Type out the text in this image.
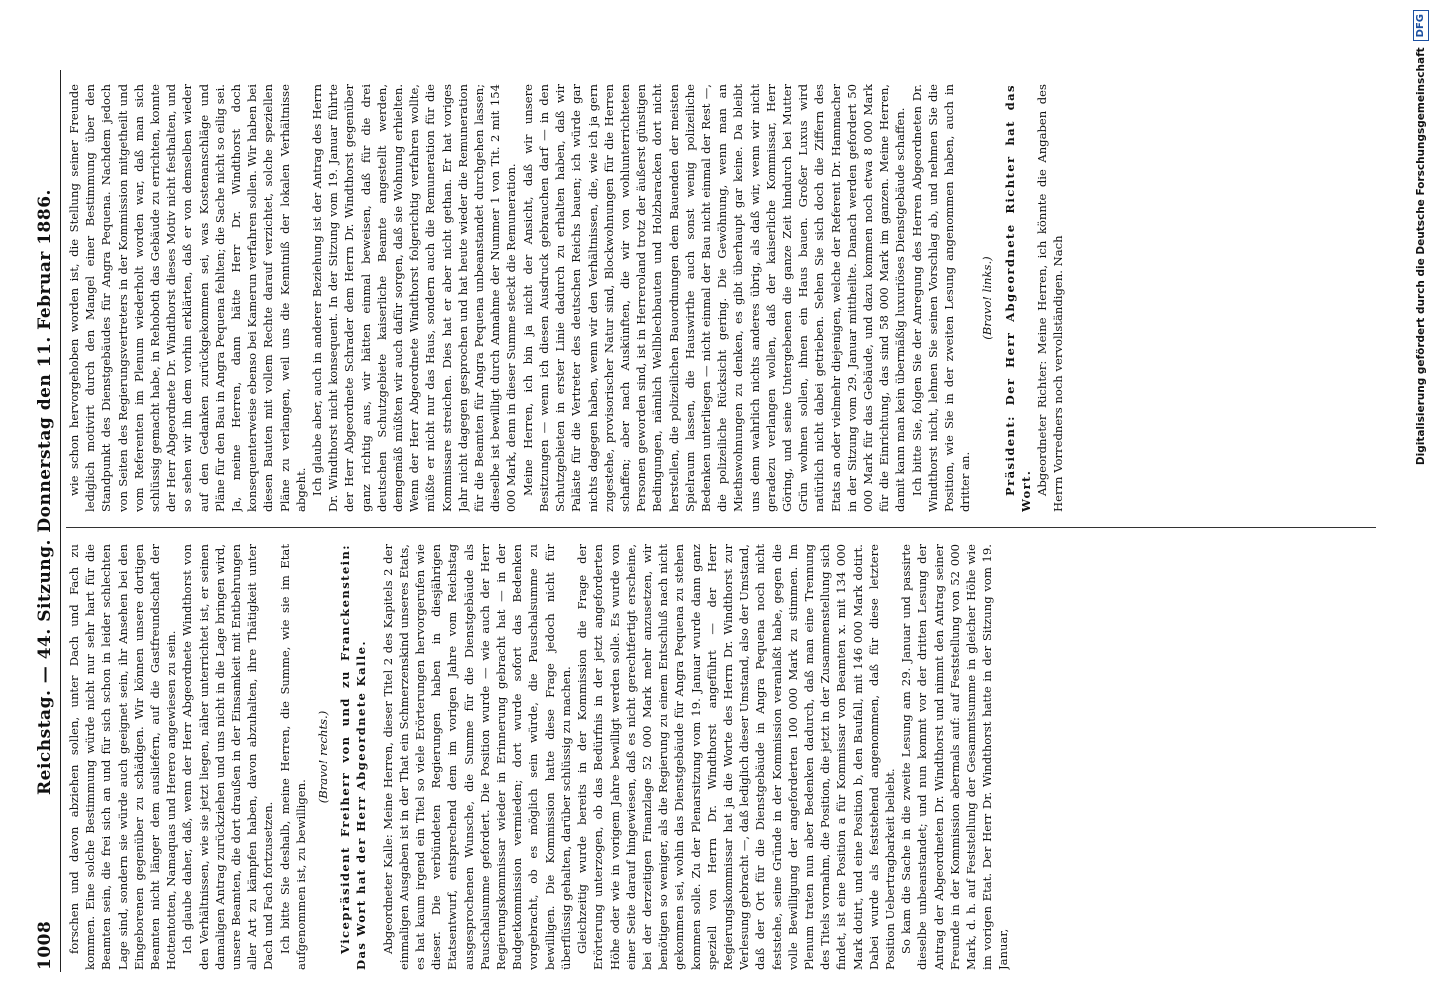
1008
Reichstag. — 44. Sitzung. Donnerstag den 11. Februar 1886. forschen und davon abziehen sollen, unter Dach und Fach zu kommen. Eine solche Bestimmung würde nicht nur sehr hart für die Beamten sein, die frei sich an und für sich schon in leider schlechten Lage sind, sondern sie würde auch geeignet sein, ihr Ansehen bei den Eingeborenen gegenüber zu schädigen. Wir können unsere dortigen Beamten nicht länger dem ausliefern, auf die Gastfreundschaft der Hottentotten, Namaquas und Herero angewiesen zu sein. Ich glaube daher, daß, wenn der Herr Abgeordnete Windthorst von den Verhältnissen, wie sie jetzt liegen, näher unterrichtet ist, er seinen damaligen Antrag zurückziehen und uns nicht in die Lage bringen wird, unsere Beamten, die dort draußen in der Einsamkeit mit Entbehrungen aller Art zu kämpfen haben, davon abzuhalten, ihre Thätigkeit unter Dach und Fach fortzusetzen. Ich bitte Sie deshalb, meine Herren, die Summe, wie sie im Etat aufgenommen ist, zu bewilligen.

(Bravo! rechts.) Vicepräsident Freiherr von und zu Franckenstein: Das Wort hat der Herr Abgeordnete Kalle. Abgeordneter Kalle: Meine Herren, dieser Titel 2 des Kapitels 2 der einmaligen Ausgaben ist in der That ein Schmerzenskind unseres Etats, es hat kaum irgend ein Titel so viele Erörterungen hervorgerufen wie dieser. Die verbündeten Regierungen haben in diesjährigen Etatsentwurf, entsprechend dem im vorigen Jahre vom Reichstag ausgesprochenen Wunsche, die Summe für die Dienstgebäude als Pauschalsumme gefordert. Die Position wurde — wie auch der Herr Regierungskommissar wieder in Erinnerung gebracht hat — in der Budgetkommission vermieden; dort wurde sofort das Bedenken vorgebracht, ob es möglich sein würde, die Pauschalsumme zu bewilligen. Die Kommission hatte diese Frage jedoch nicht für überflüssig gehalten, darüber schlüssig zu machen. Gleichzeitig wurde bereits in der Kommission die Frage der Erörterung unterzogen, ob das Bedürfnis in der jetzt angeforderten Höhe oder wie in vorigem Jahre bewilligt werden solle. Es wurde von einer Seite darauf hingewiesen, daß es nicht gerechtfertigt erscheine, bei der derzeitigen Finanzlage 52 000 Mark mehr anzusetzen, wir benötigen so weniger, als die Regierung zu einem Entschluß nach nicht gekommen sei, wohin das Dienstgebäude für Angra Pequena zu stehen kommen solle. Zu der Plenarsitzung vom 19. Januar wurde dann ganz speziell von Herrn Dr. Windthorst angeführt — der Herr Regierungskommissar hat ja die Worte des Herrn Dr. Windthorst zur Verlesung gebracht —, daß lediglich dieser Umstand, also der Umstand, daß der Ort für die Dienstgebäude in Angra Pequena noch nicht feststehe, seine Gründe in der Kommission veranlaßt habe, gegen die volle Bewilligung der angeforderten 100 000 Mark zu stimmen. Im Plenum traten nun aber Bedenken dadurch, daß man eine Trennung des Titels vornahm, die Position, die jetzt in der Zusammenstellung sich findet, ist eine Position a für Kommissar von Beamten x. mit 134 000 Mark dotirt, und eine Position b, den Baufall, mit 146 000 Mark dotirt. Dabei wurde als feststehend angenommen, daß für diese letztere Position Uebertragbarkeit beliebt. So kam die Sache in die zweite Lesung am 29. Januar und passirte dieselbe unbeanstandet; und nun kommt vor der dritten Lesung der Antrag der Abgeordneten Dr. Windthorst und nimmt den Antrag seiner Freunde in der Kommission abermals auf: auf Feststellung von 52 000 Mark, d. h. auf Feststellung der Gesammtsumme in gleicher Höhe wie im vorigen Etat. Der Herr Dr. Windthorst hatte in der Sitzung vom 19. Januar,

wie schon hervorgehoben worden ist, die Stellung seiner Freunde lediglich motivirt durch den Mangel einer Bestimmung über den Standpunkt des Dienstgebäudes für Angra Pequena. Nachdem jedoch von Seiten des Regierungsvertreters in der Kommission mitgetheilt und vom Referenten im Plenum wiederholt worden war, daß man sich schlüssig gemacht habe, in Rehoboth das Gebäude zu errichten, konnte der Herr Abgeordnete Dr. Windthorst dieses Motiv nicht festhalten, und so sehen wir ihn dem vorhin erklärten, daß er von demselben wieder auf den Gedanken zurückgekommen sei, was Kostenanschläge und Pläne für den Bau in Angra Pequena fehlten; die Sache nicht so eilig sei. Ja, meine Herren, dann hätte Herr Dr. Windthorst doch konsequenterweise ebenso bei Kamerun verfahren sollen. Wir haben bei diesen Bauten mit vollem Rechte darauf verzichtet, solche speziellen Pläne zu verlangen, weil uns die Kenntniß der lokalen Verhältnisse abgeht. Ich glaube aber, auch in anderer Beziehung ist der Antrag des Herrn Dr. Windthorst nicht konsequent. In der Sitzung vom 19. Januar führte der Herr Abgeordnete Schrader dem Herrn Dr. Windthorst gegenüber ganz richtig aus, wir hätten einmal beweisen, daß für die drei deutschen Schutzgebiete kaiserliche Beamte angestellt werden, demgemäß müßten wir auch dafür sorgen, daß sie Wohnung erhielten. Wenn der Herr Abgeordnete Windthorst folgerichtig verfahren wollte, müßte er nicht nur das Haus, sondern auch die Remuneration für die Kommissare streichen. Dies hat er aber nicht gethan. Er hat voriges Jahr nicht dagegen gesprochen und hat heute wieder die Remuneration für die Beamten für Angra Pequena unbeanstandet durchgehen lassen; dieselbe ist bewilligt durch Annahme der Nummer 1 von Tit. 2 mit 154 000 Mark, denn in dieser Summe steckt die Remuneration. Meine Herren, ich bin ja nicht der Ansicht, daß wir unsere Besitzungen — wenn ich diesen Ausdruck gebrauchen darf — in den Schutzgebieten in erster Linie dadurch zu erhalten haben, daß wir Paläste für die Vertreter des deutschen Reichs bauen; ich würde gar nichts dagegen haben, wenn wir den Verhältnissen, die, wie ich ja gern zugestehe, provisorischer Natur sind, Blockwohnungen für die Herren schaffen; aber nach Auskünften, die wir von wohlunterrichteten Personen geworden sind, ist in Herreroland trotz der äußerst günstigen Bedingungen, nämlich Wellblechbauten und Holzbaracken dort nicht herstellen, die polizeilichen Bauordnungen dem Bauenden der meisten Spielraum lassen, die Hauswirthe auch sonst wenig polizeiliche Bedenken unterliegen — nicht einmal der Bau nicht einmal der Rest —, die polizeiliche Rücksicht gering. Die Gewöhnung, wenn man an Miethswohnungen zu denken, es gibt überhaupt gar keine. Da bleibt uns denn wahrlich nichts anderes übrig, als daß wir, wenn wir nicht geradezu verlangen wollen, daß der kaiserliche Kommissar, Herr Göring, und seine Untergebenen die ganze Zeit hindurch bei Mutter Grün wohnen sollen, ihnen ein Haus bauen. Großer Luxus wird natürlich nicht dabei getrieben. Sehen Sie sich doch die Ziffern des Etats an oder vielmehr diejenigen, welche der Referent Dr. Hammacher in der Sitzung vom 29. Januar mittheilte. Danach werden gefordert 50 000 Mark für das Gebäude, und dazu kommen noch etwa 8 000 Mark für die Einrichtung, das sind 58 000 Mark im ganzen. Meine Herren, damit kann man kein übermäßig luxuriöses Dienstgebäude schaffen. Ich bitte Sie, folgen Sie der Anregung des Herren Abgeordneten Dr. Windthorst nicht, lehnen Sie seinen Vorschlag ab, und nehmen Sie die Position, wie Sie in der zweiten Lesung angenommen haben, auch in dritter an.

(Bravo! links.) Präsident: Der Herr Abgeordnete Richter hat das Wort. Abgeordneter Richter: Meine Herren, ich könnte die Angaben des Herrn Vorredners noch vervollständigen. Nach	Digitalisierung gefördert durch die Deutsche Forschungsgemeinschaft
DFG
